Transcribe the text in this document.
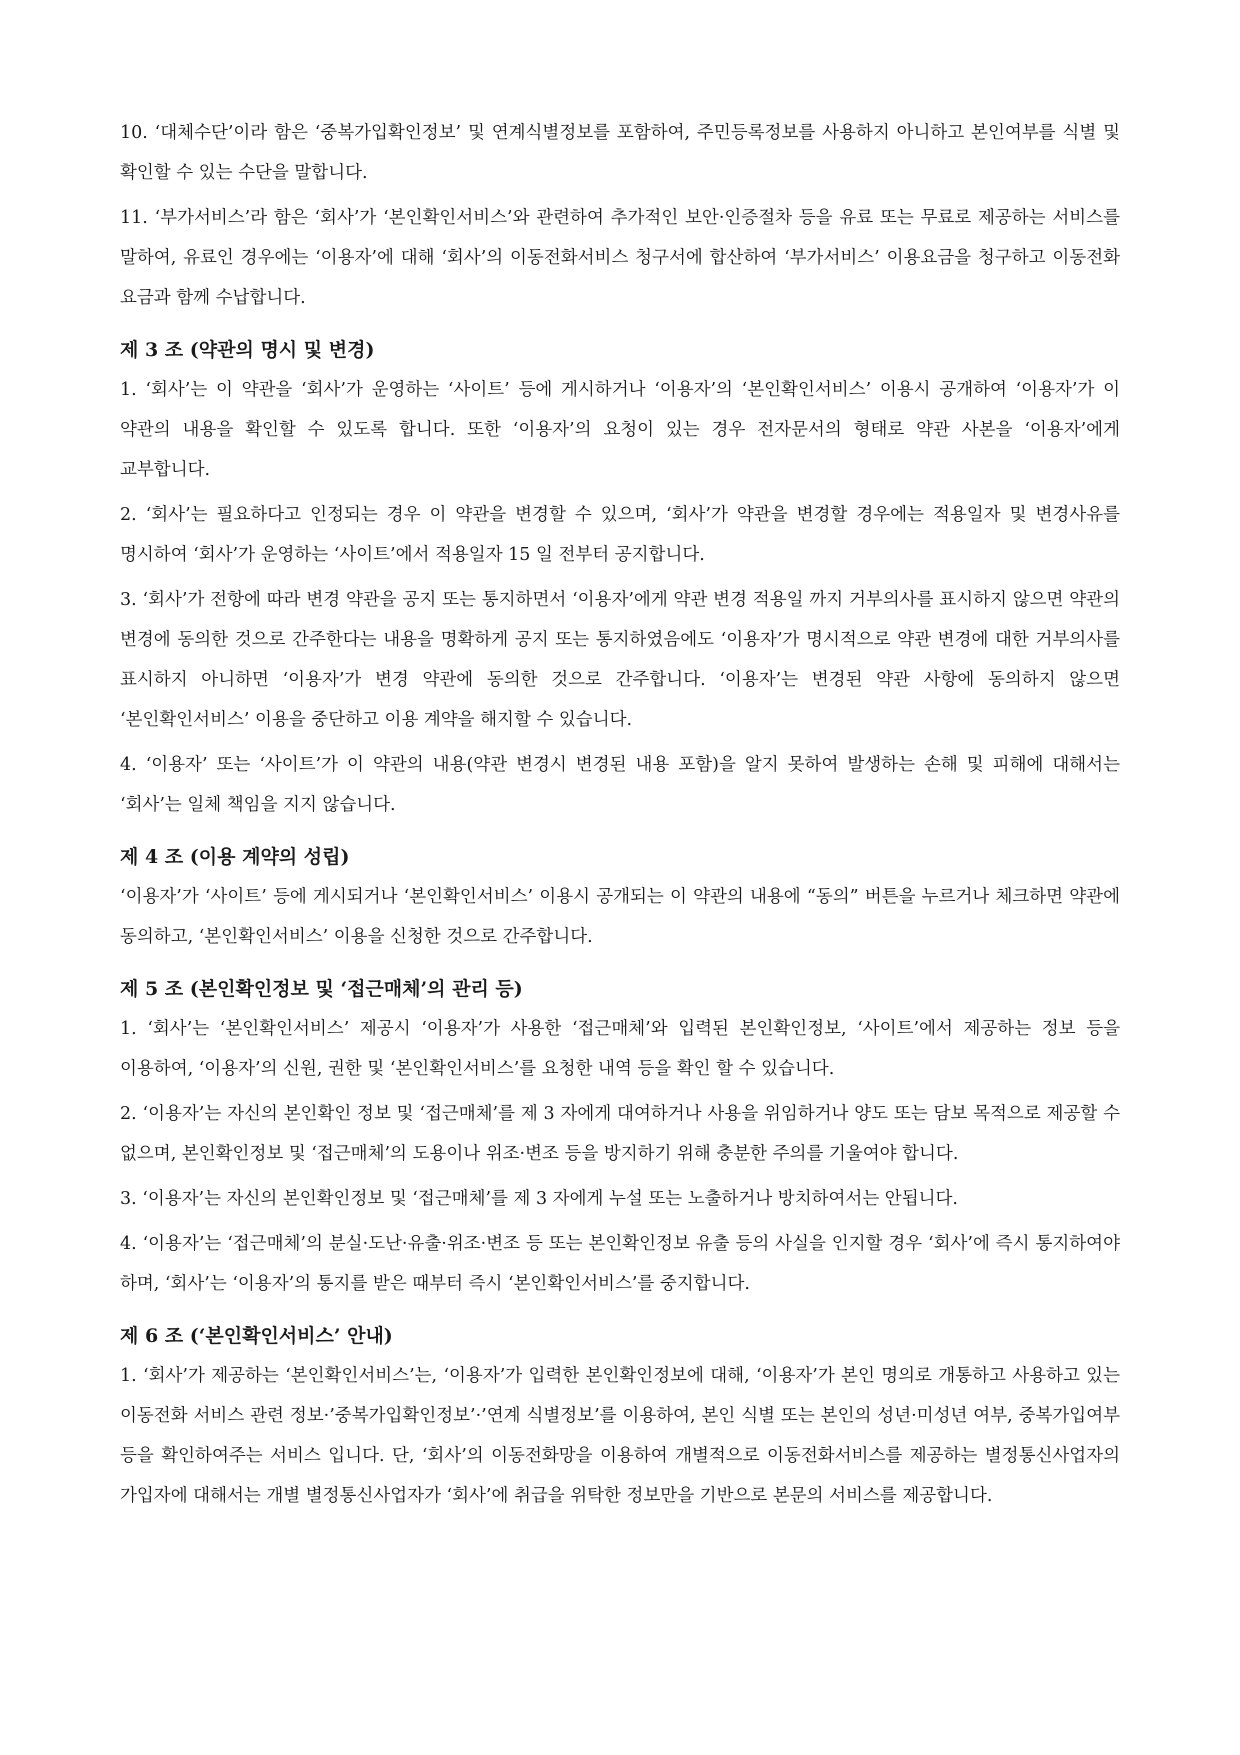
10. ‘대체수단’이라 함은 ‘중복가입확인정보’ 및 연계식별정보를 포함하여, 주민등록정보를 사용하지 아니하고 본인여부를 식별 및 확인할 수 있는 수단을 말합니다.

11. ‘부가서비스’라 함은 ‘회사’가 ‘본인확인서비스’와 관련하여 추가적인 보안·인증절차 등을 유료 또는 무료로 제공하는 서비스를 말하여, 유료인 경우에는 ‘이용자’에 대해 ‘회사’의 이동전화서비스 청구서에 합산하여 ‘부가서비스’ 이용요금을 청구하고 이동전화 요금과 함께 수납합니다.

제 3 조 (약관의 명시 및 변경)

1. ‘회사’는 이 약관을 ‘회사’가 운영하는 ‘사이트’ 등에 게시하거나 ‘이용자’의 ‘본인확인서비스’ 이용시 공개하여 ‘이용자’가 이 약관의 내용을 확인할 수 있도록 합니다. 또한 ‘이용자’의 요청이 있는 경우 전자문서의 형태로 약관 사본을 ‘이용자’에게 교부합니다.

2. ‘회사’는 필요하다고 인정되는 경우 이 약관을 변경할 수 있으며, ‘회사’가 약관을 변경할 경우에는 적용일자 및 변경사유를 명시하여 ‘회사’가 운영하는 ‘사이트’에서 적용일자 15 일 전부터 공지합니다.

3. ‘회사’가 전항에 따라 변경 약관을 공지 또는 통지하면서 ‘이용자’에게 약관 변경 적용일 까지 거부의사를 표시하지 않으면 약관의 변경에 동의한 것으로 간주한다는 내용을 명확하게 공지 또는 통지하였음에도 ‘이용자’가 명시적으로 약관 변경에 대한 거부의사를 표시하지 아니하면 ‘이용자’가 변경 약관에 동의한 것으로 간주합니다. ‘이용자’는 변경된 약관 사항에 동의하지 않으면 ‘본인확인서비스’ 이용을 중단하고 이용 계약을 해지할 수 있습니다.

4. ‘이용자’ 또는 ‘사이트’가 이 약관의 내용(약관 변경시 변경된 내용 포함)을 알지 못하여 발생하는 손해 및 피해에 대해서는 ‘회사’는 일체 책임을 지지 않습니다.

제 4 조 (이용 계약의 성립)

‘이용자’가 ‘사이트’ 등에 게시되거나 ‘본인확인서비스’ 이용시 공개되는 이 약관의 내용에 “동의” 버튼을 누르거나 체크하면 약관에 동의하고, ‘본인확인서비스’ 이용을 신청한 것으로 간주합니다.

제 5 조 (본인확인정보 및 ‘접근매체’의 관리 등)

1. ‘회사’는 ‘본인확인서비스’ 제공시 ‘이용자’가 사용한 ‘접근매체’와 입력된 본인확인정보, ‘사이트’에서 제공하는 정보 등을 이용하여, ‘이용자’의 신원, 권한 및 ‘본인확인서비스’를 요청한 내역 등을 확인 할 수 있습니다.

2. ‘이용자’는 자신의 본인확인 정보 및 ‘접근매체’를 제 3 자에게 대여하거나 사용을 위임하거나 양도 또는 담보 목적으로 제공할 수 없으며, 본인확인정보 및 ‘접근매체’의 도용이나 위조·변조 등을 방지하기 위해 충분한 주의를 기울여야 합니다.

3. ‘이용자’는 자신의 본인확인정보 및 ‘접근매체’를 제 3 자에게 누설 또는 노출하거나 방치하여서는 안됩니다.

4. ‘이용자’는 ‘접근매체’의 분실·도난·유출·위조·변조 등 또는 본인확인정보 유출 등의 사실을 인지할 경우 ‘회사’에 즉시 통지하여야 하며, ‘회사’는 ‘이용자’의 통지를 받은 때부터 즉시 ‘본인확인서비스’를 중지합니다.

제 6 조 (‘본인확인서비스’ 안내)

1. ‘회사’가 제공하는 ‘본인확인서비스’는, ‘이용자’가 입력한 본인확인정보에 대해, ‘이용자’가 본인 명의로 개통하고 사용하고 있는 이동전화 서비스 관련 정보·’중복가입확인정보’·’연계 식별정보’를 이용하여, 본인 식별 또는 본인의 성년·미성년 여부, 중복가입여부 등을 확인하여주는 서비스 입니다. 단, ‘회사’의 이동전화망을 이용하여 개별적으로 이동전화서비스를 제공하는 별정통신사업자의 가입자에 대해서는 개별 별정통신사업자가 ‘회사’에 취급을 위탁한 정보만을 기반으로 본문의 서비스를 제공합니다.
